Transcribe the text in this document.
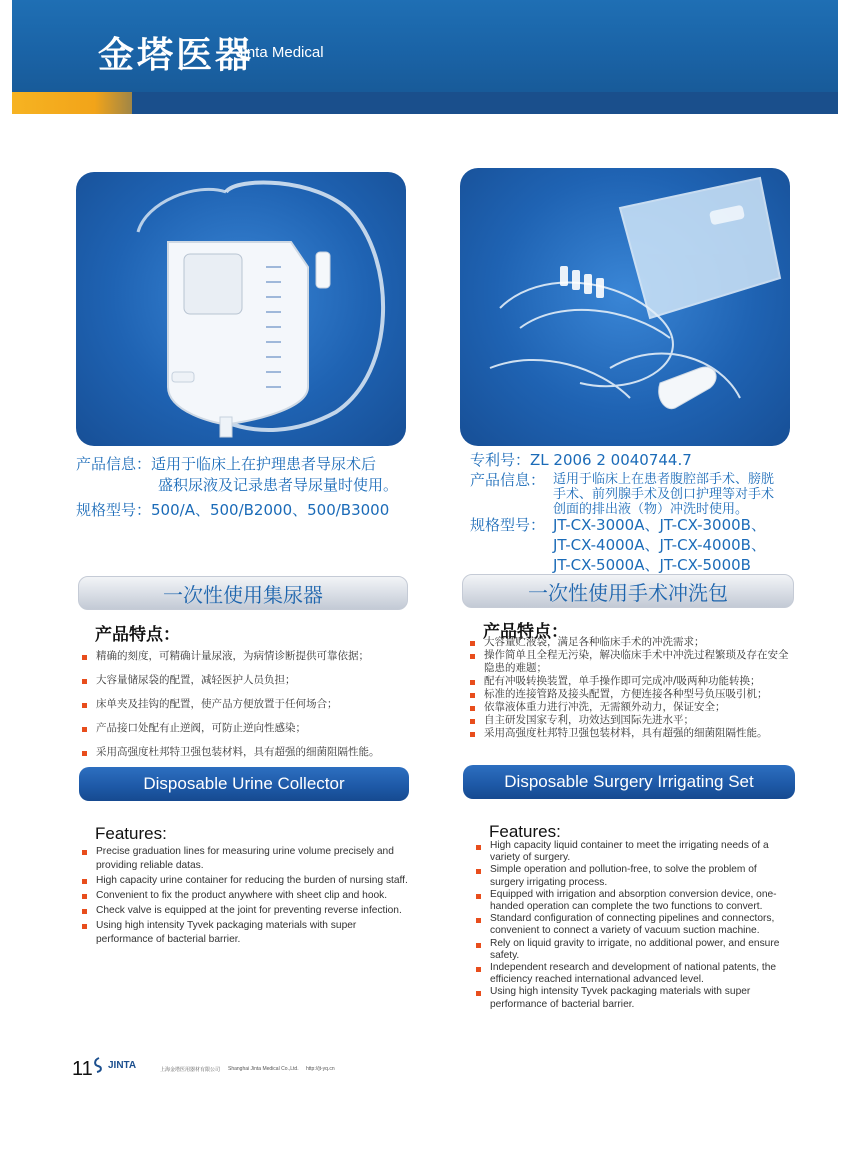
金塔医器
Jinta Medical
产品信息：适用于临床上在护理患者导尿术后
盛积尿液及记录患者导尿量时使用。
规格型号：500/A、500/B2000、500/B3000
专利号：ZL 2006 2 0040744.7
产品信息： 适用于临床上在患者腹腔部手术、膀胱
手术、前列腺手术及创口护理等对手术
创面的排出液（物）冲洗时使用。
规格型号： JT-CX-3000A、JT-CX-3000B、
JT-CX-4000A、JT-CX-4000B、
JT-CX-5000A、JT-CX-5000B
一次性使用集尿器	一次性使用手术冲洗包
产品特点：
精确的刻度，可精确计量尿液，为病情诊断提供可靠依据；
大容量储尿袋的配置，减轻医护人员负担；
床单夹及挂钩的配置，使产品方便放置于任何场合；
产品接口处配有止逆阀，可防止逆向性感染；
采用高强度杜邦特卫强包装材料，具有超强的细菌阻隔性能。
产品特点：
大容量贮液袋，满足各种临床手术的冲洗需求；
操作简单且全程无污染，解决临床手术中冲洗过程繁琐及存在安全隐患的难题；
配有冲吸转换装置，单手操作即可完成冲/吸两种功能转换；
标准的连接管路及接头配置，方便连接各种型号负压吸引机；
依靠液体重力进行冲洗，无需额外动力，保证安全；
自主研发国家专利，功效达到国际先进水平；
采用高强度杜邦特卫强包装材料，具有超强的细菌阻隔性能。
Disposable Urine Collector	Disposable Surgery Irrigating Set
Features:
Precise graduation lines for measuring urine volume precisely and providing reliable datas.
High capacity urine container for reducing the burden of nursing staff.
Convenient to fix the product anywhere with sheet clip and hook.
Check valve is equipped at the joint for preventing reverse infection.
Using high intensity Tyvek packaging materials with super performance of bacterial barrier.
Features:
High capacity liquid container to meet the irrigating needs of a variety of surgery.
Simple operation and pollution-free, to solve the problem of surgery irrigating process.
Equipped with irrigation and absorption conversion device, one-handed operation can complete the two functions to convert.
Standard configuration of connecting pipelines and connectors, convenient to connect a variety of vacuum suction machine.
Rely on liquid gravity to irrigate, no additional power, and ensure safety.
Independent research and development of national patents, the efficiency reached international advanced level.
Using high intensity Tyvek packaging materials with super performance of bacterial barrier.
11 JINTA	上海金塔医用器材有限公司 Shanghai Jinta Medical Co.,Ltd. http://jt-yq.cn
